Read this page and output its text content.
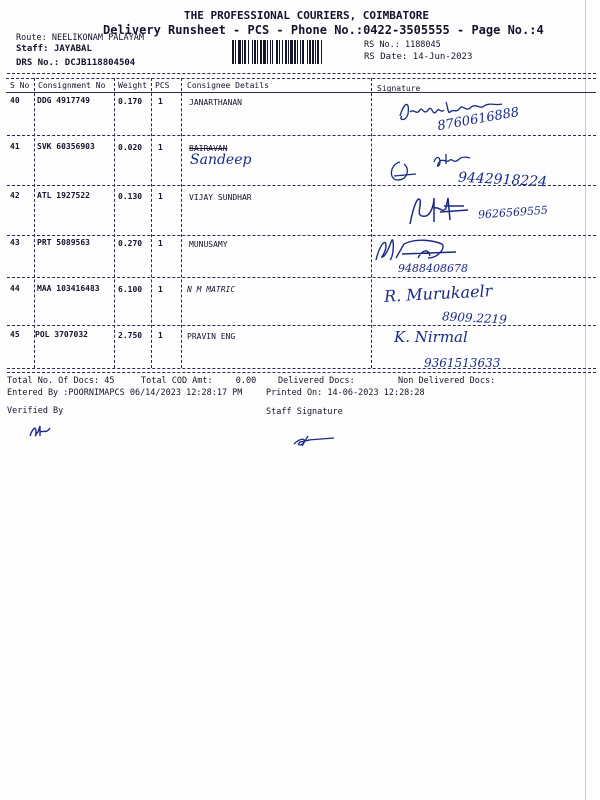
THE PROFESSIONAL COURIERS, COIMBATORE
Delivery Runsheet - PCS - Phone No.:0422-3505555 - Page No.:4
Route: NEELIKONAM PALAYAM
Staff: JAYABAL
DRS No.: DCJB118804504
RS No.: 1188045
RS Date: 14-Jun-2023
S No Consignment No Weight PCS Consignee Details	Signature
40 DDG 4917749	0.170 1	JANARTHANAN
8760616888
41 SVK 60356903	0.020 1	BAIRAVAN
Sandeep
9442918224
42 ATL 1927522	0.130 1	VIJAY SUNDHAR
9626569555
43 PRT 5089563	0.270 1	MUNUSAMY
9488408678
44 MAA 103416483 6.100 1	N M MATRIC	R. Murukaelr
8909.2219
45 POL 3707032	2.750 1	PRAVIN ENG	K. Nirmal
9361513633
Total No. Of Docs: 45	Total COD Amt:	0.00	Delivered Docs:	Non Delivered Docs:
Entered By :POORNIMAPCS 06/14/2023 12:28:17 PM	Printed On: 14-06-2023 12:28:28
Verified By	Staff Signature
